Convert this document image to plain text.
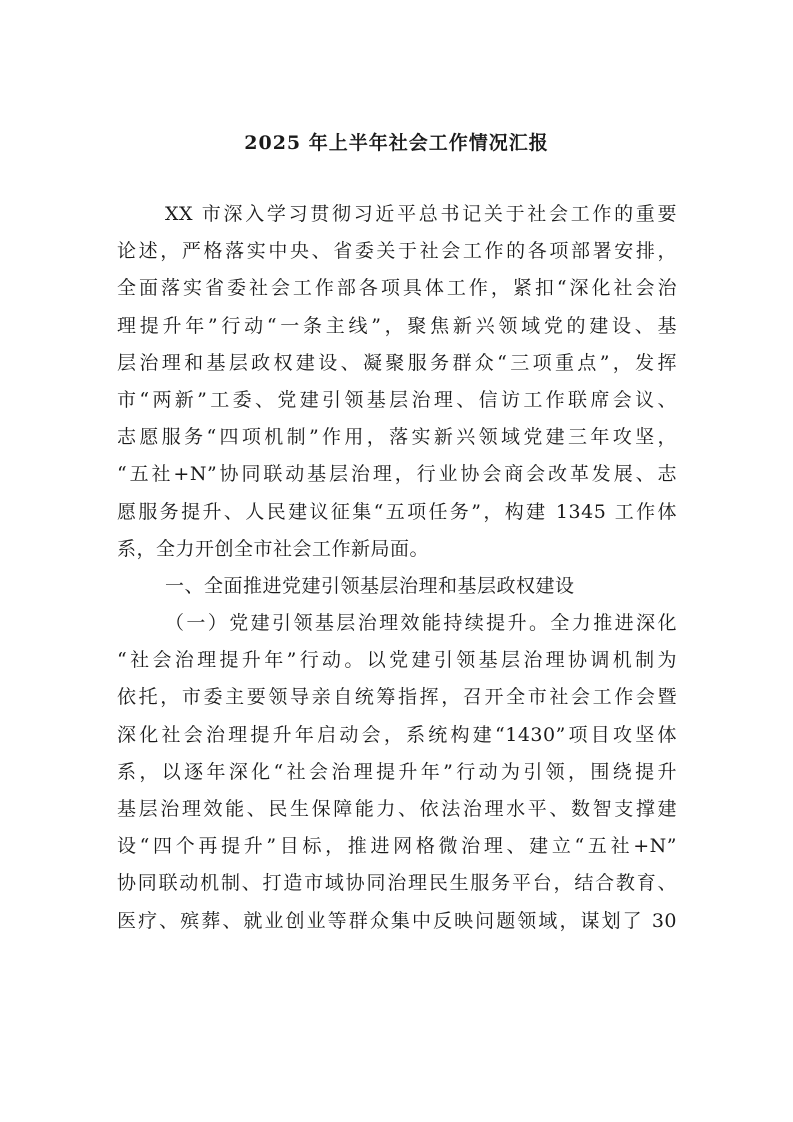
2025 年上半年社会工作情况汇报
XX 市深入学习贯彻习近平总书记关于社会工作的重要
论述，严格落实中央、省委关于社会工作的各项部署安排，
全面落实省委社会工作部各项具体工作，紧扣“深化社会治
理提升年”行动“一条主线”，聚焦新兴领域党的建设、基
层治理和基层政权建设、凝聚服务群众“三项重点”，发挥
市“两新”工委、党建引领基层治理、信访工作联席会议、
志愿服务“四项机制”作用，落实新兴领域党建三年攻坚，
“五社+N”协同联动基层治理，行业协会商会改革发展、志
愿服务提升、人民建议征集“五项任务”，构建 1345 工作体
系，全力开创全市社会工作新局面。
一、全面推进党建引领基层治理和基层政权建设
（一）党建引领基层治理效能持续提升。全力推进深化
“社会治理提升年”行动。以党建引领基层治理协调机制为
依托，市委主要领导亲自统筹指挥，召开全市社会工作会暨
深化社会治理提升年启动会，系统构建“1430”项目攻坚体
系，以逐年深化“社会治理提升年”行动为引领，围绕提升
基层治理效能、民生保障能力、依法治理水平、数智支撑建
设“四个再提升”目标，推进网格微治理、建立“五社+N”
协同联动机制、打造市域协同治理民生服务平台，结合教育、
医疗、殡葬、就业创业等群众集中反映问题领域，谋划了 30
